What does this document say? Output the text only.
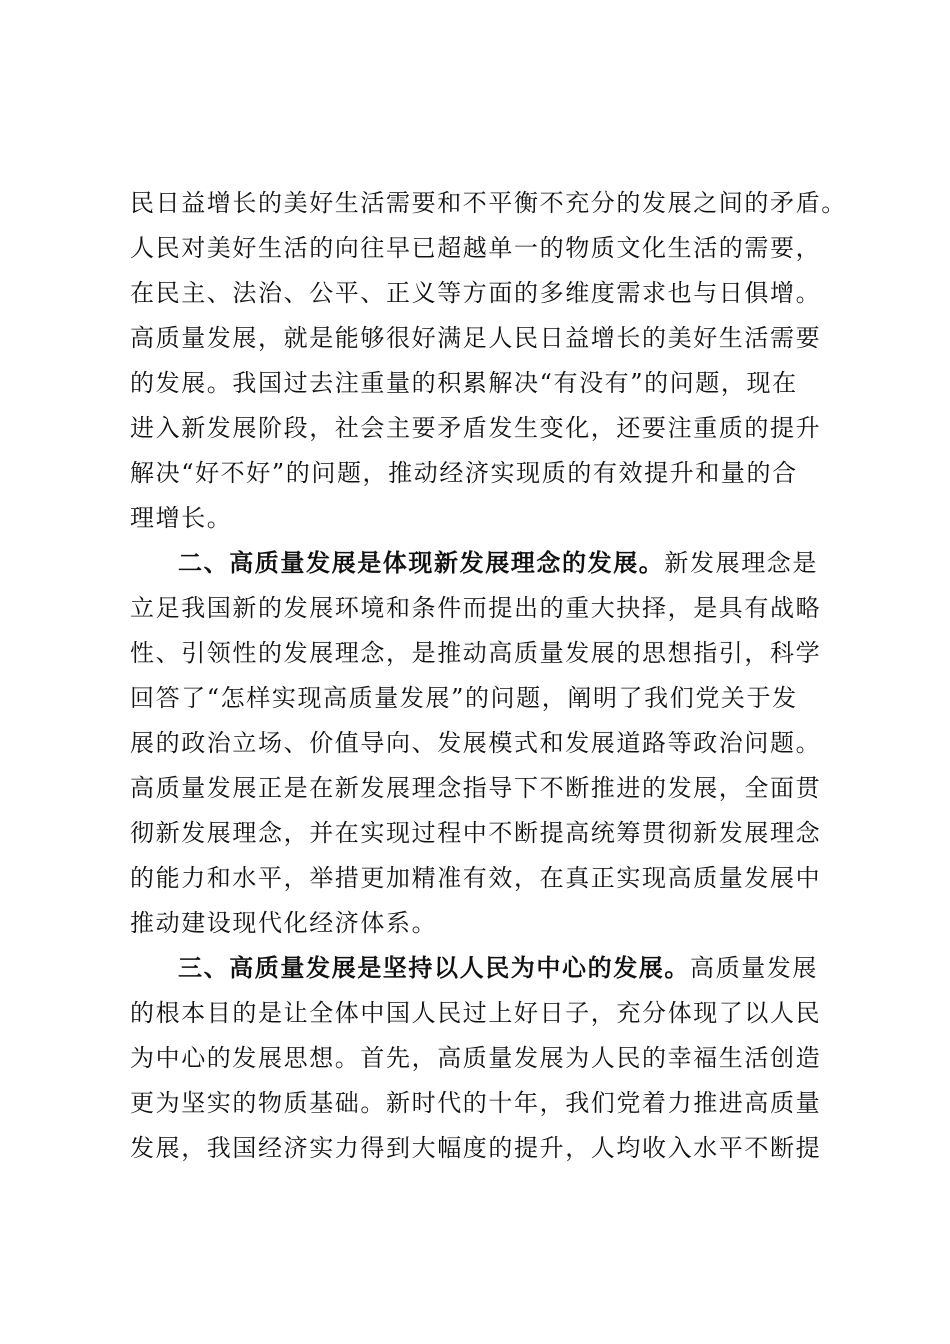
民日益增长的美好生活需要和不平衡不充分的发展之间的矛盾。
人民对美好生活的向往早已超越单一的物质文化生活的需要，
在民主、法治、公平、正义等方面的多维度需求也与日俱增。
高质量发展，就是能够很好满足人民日益增长的美好生活需要
的发展。我国过去注重量的积累解决“有没有”的问题，现在
进入新发展阶段，社会主要矛盾发生变化，还要注重质的提升
解决“好不好”的问题，推动经济实现质的有效提升和量的合
理增长。
二、高质量发展是体现新发展理念的发展。新发展理念是
立足我国新的发展环境和条件而提出的重大抉择，是具有战略
性、引领性的发展理念，是推动高质量发展的思想指引，科学
回答了“怎样实现高质量发展”的问题，阐明了我们党关于发
展的政治立场、价值导向、发展模式和发展道路等政治问题。
高质量发展正是在新发展理念指导下不断推进的发展，全面贯
彻新发展理念，并在实现过程中不断提高统筹贯彻新发展理念
的能力和水平，举措更加精准有效，在真正实现高质量发展中
推动建设现代化经济体系。
三、高质量发展是坚持以人民为中心的发展。高质量发展
的根本目的是让全体中国人民过上好日子，充分体现了以人民
为中心的发展思想。首先，高质量发展为人民的幸福生活创造
更为坚实的物质基础。新时代的十年，我们党着力推进高质量
发展，我国经济实力得到大幅度的提升，人均收入水平不断提
